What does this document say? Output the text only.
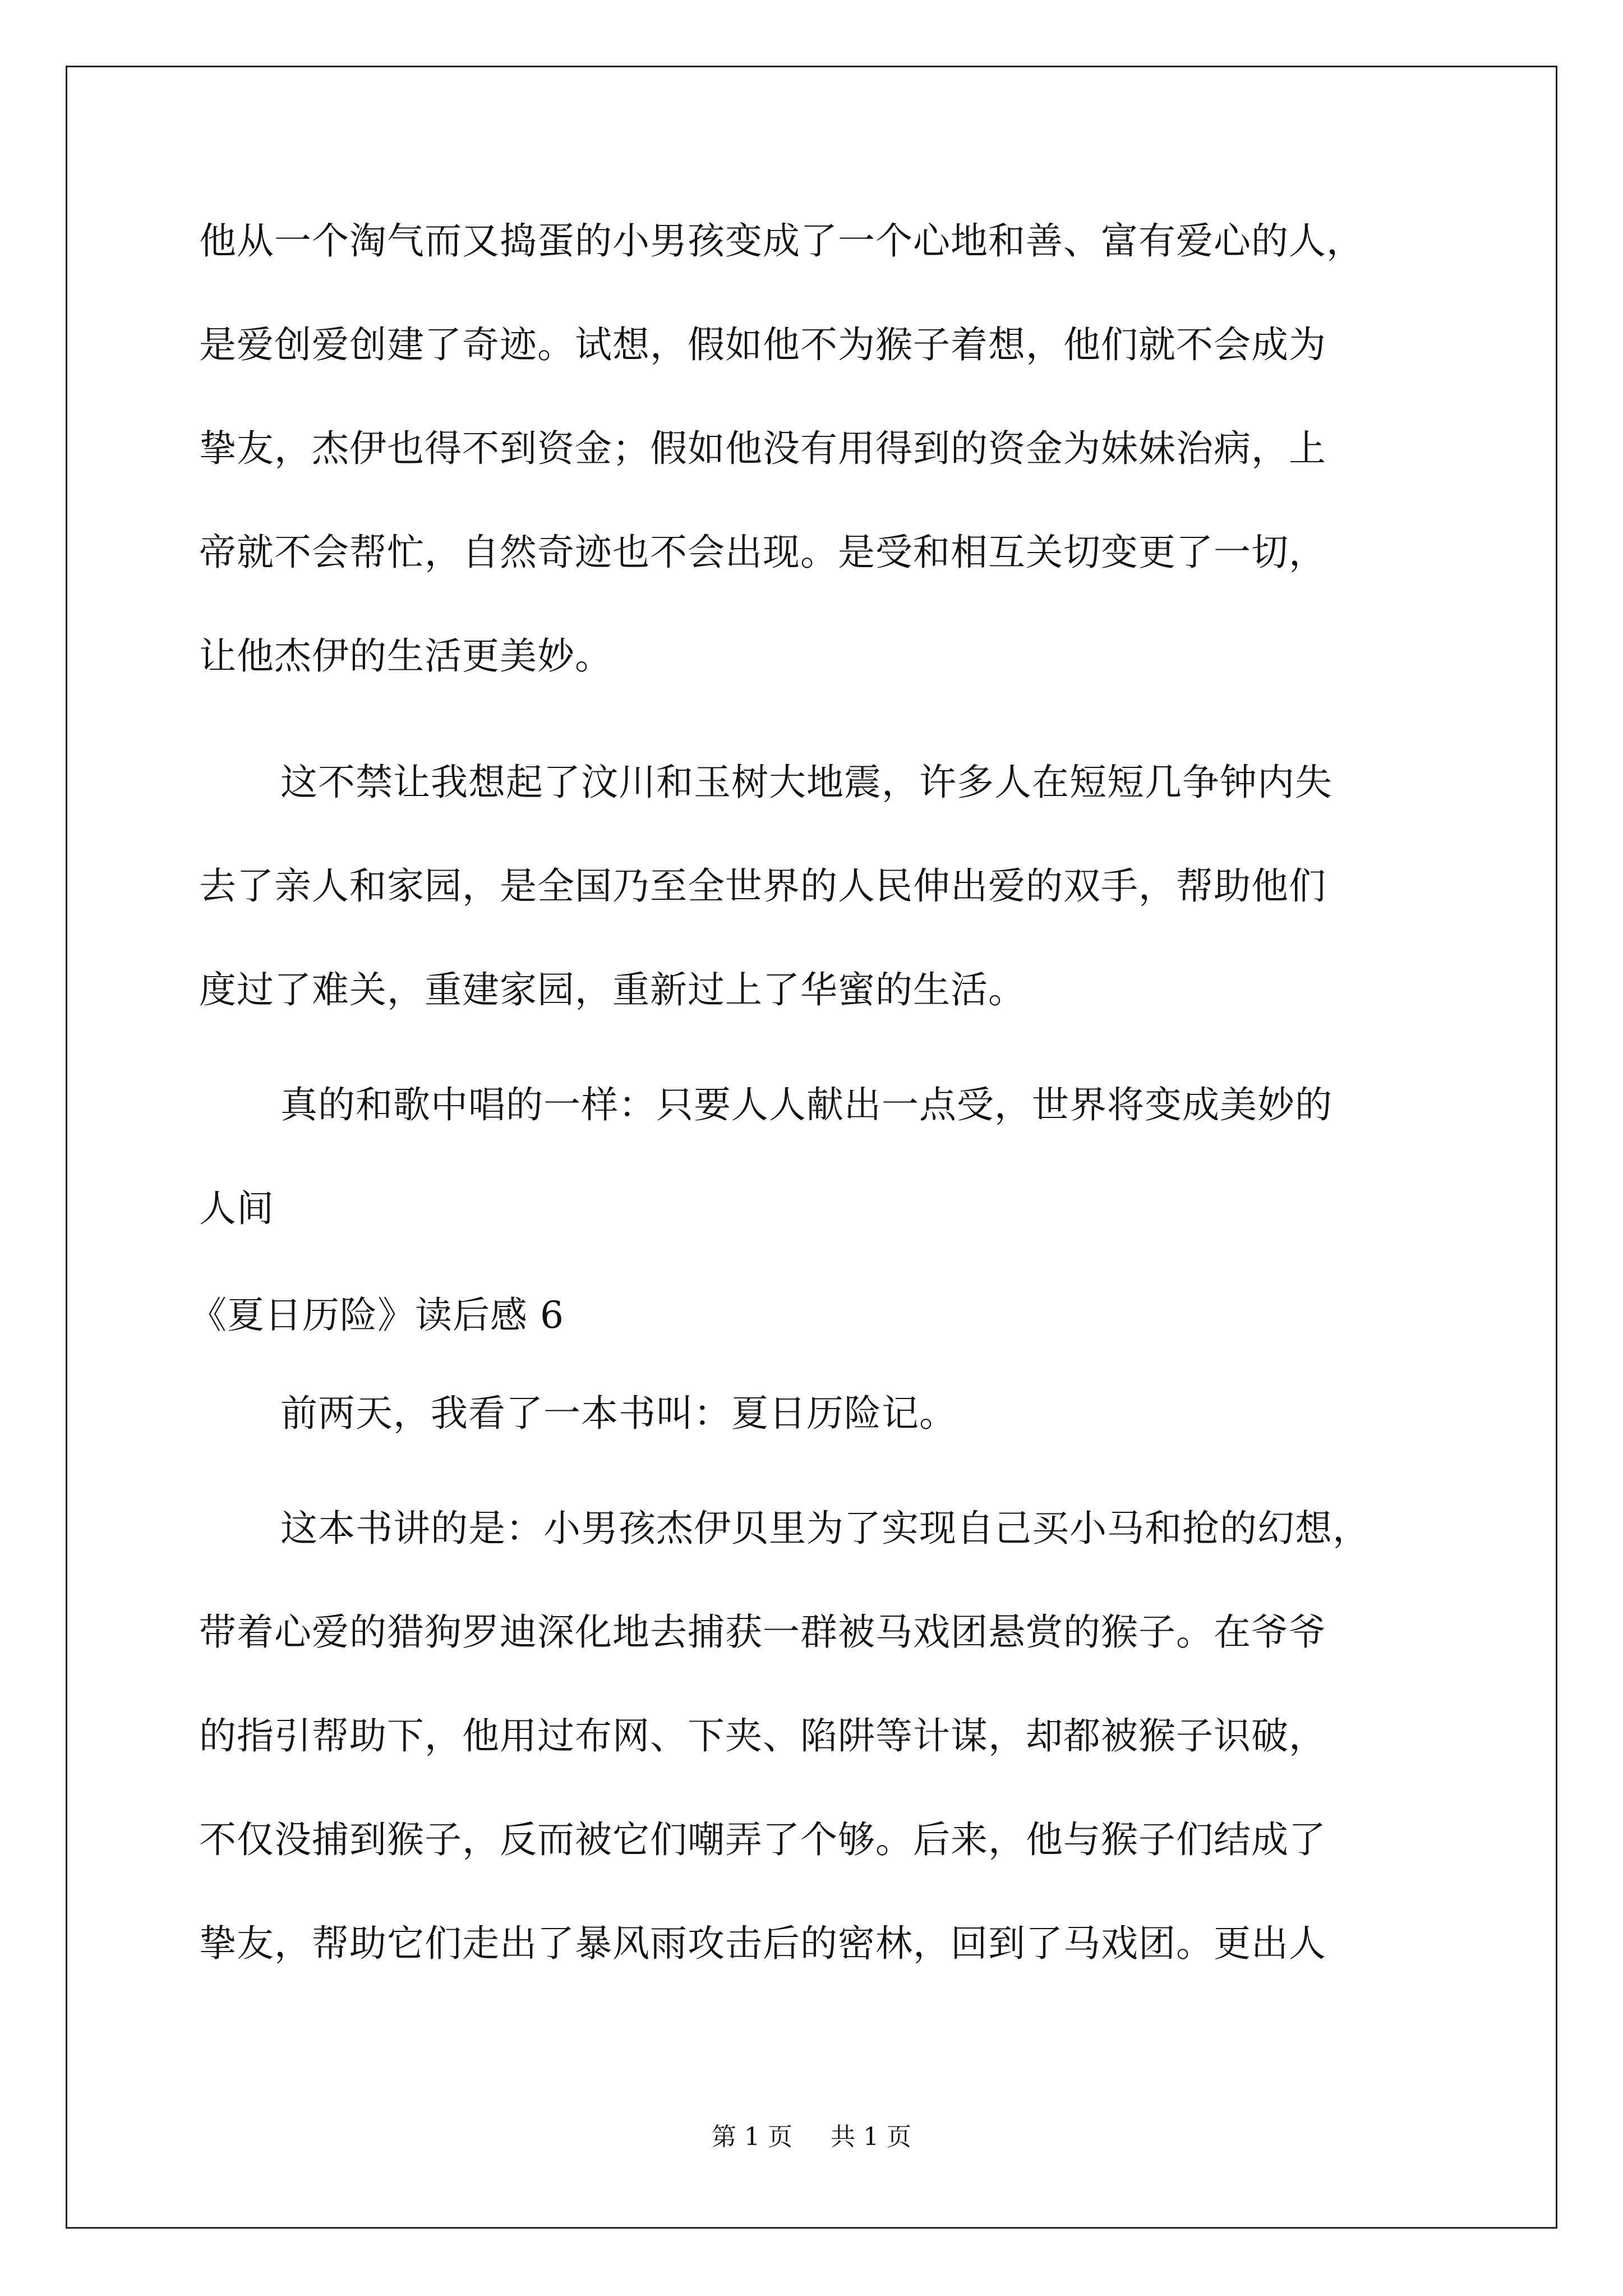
他从一个淘气而又捣蛋的小男孩变成了一个心地和善、富有爱心的人，
是爱创爱创建了奇迹。试想，假如他不为猴子着想，他们就不会成为
挚友，杰伊也得不到资金；假如他没有用得到的资金为妹妹治病，上
帝就不会帮忙，自然奇迹也不会出现。是受和相互关切变更了一切，
让他杰伊的生活更美妙。
这不禁让我想起了汶川和玉树大地震，许多人在短短几争钟内失
去了亲人和家园，是全国乃至全世界的人民伸出爱的双手，帮助他们
度过了难关，重建家园，重新过上了华蜜的生活。
真的和歌中唱的一样：只要人人献出一点受，世界将变成美妙的
人间
《夏日历险》读后感 6
前两天，我看了一本书叫：夏日历险记。
这本书讲的是：小男孩杰伊贝里为了实现自己买小马和抢的幻想，
带着心爱的猎狗罗迪深化地去捕获一群被马戏团悬赏的猴子。在爷爷
的指引帮助下，他用过布网、下夹、陷阱等计谋，却都被猴子识破，
不仅没捕到猴子，反而被它们嘲弄了个够。后来，他与猴子们结成了
挚友，帮助它们走出了暴风雨攻击后的密林，回到了马戏团。更出人
第 1 页 共 1 页
